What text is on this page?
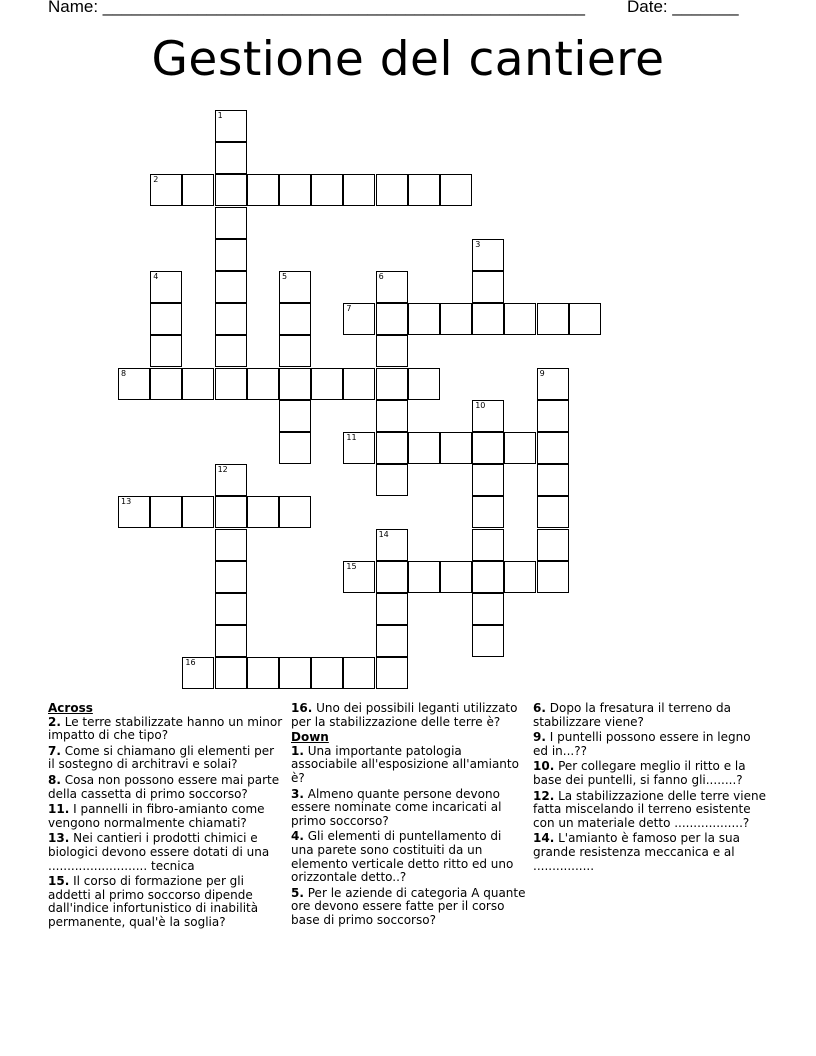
Name: ___________________________________________________ Date: _______
Gestione del cantiere
1
2
3
4	5	6
7
8	9
10
11
12
13
14
15
16
Across
2. Le terre stabilizzate hanno un minor impatto di che tipo?
7. Come si chiamano gli elementi per il sostegno di architravi e solai?
8. Cosa non possono essere mai parte della cassetta di primo soccorso?
11. I pannelli in fibro-amianto come vengono normalmente chiamati?
13. Nei cantieri i prodotti chimici e biologici devono essere dotati di una .......................... tecnica
15. Il corso di formazione per gli addetti al primo soccorso dipende dall'indice infortunistico di inabilità permanente, qual'è la soglia?
16. Uno dei possibili leganti utilizzato per la stabilizzazione delle terre è?
Down
1. Una importante patologia associabile all'esposizione all'amianto è?
3. Almeno quante persone devono essere nominate come incaricati al primo soccorso?
4. Gli elementi di puntellamento di una parete sono costituiti da un elemento verticale detto ritto ed uno orizzontale detto..?
5. Per le aziende di categoria A quante ore devono essere fatte per il corso base di primo soccorso?
6. Dopo la fresatura il terreno da stabilizzare viene?
9. I puntelli possono essere in legno ed in...??
10. Per collegare meglio il ritto e la base dei puntelli, si fanno gli........?
12. La stabilizzazione delle terre viene fatta miscelando il terreno esistente con un materiale detto ..................?
14. L'amianto è famoso per la sua grande resistenza meccanica e al ................
